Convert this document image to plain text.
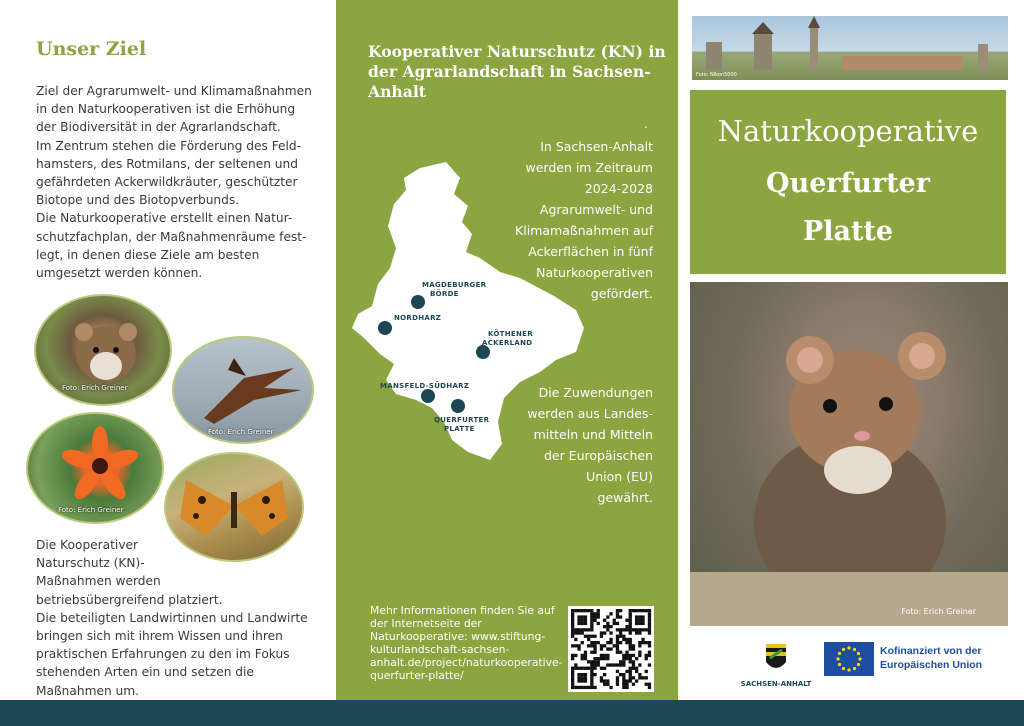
Unser Ziel

Ziel der Agrarumwelt- und Klimamaßnahmen
in den Naturkooperativen ist die Erhöhung
der Biodiversität in der Agrarlandschaft.
Im Zentrum stehen die Förderung des Feld-
hamsters, des Rotmilans, der seltenen und
gefährdeten Ackerwildkräuter, geschützter
Biotope und des Biotopverbunds.
Die Naturkooperative erstellt einen Natur-
schutzfachplan, der Maßnahmenräume fest-
legt, in denen diese Ziele am besten
umgesetzt werden können.

Foto: Erich Greiner
Foto: Erich Greiner
Foto: Erich Greiner

Die Kooperativer
Naturschutz (KN)-
Maßnahmen werden
betriebsübergreifend platziert.
Die beteiligten Landwirtinnen und Landwirte
bringen sich mit ihrem Wissen und ihren
praktischen Erfahrungen zu den im Fokus
stehenden Arten ein und setzen die
Maßnahmen um.

Kooperativer Naturschutz (KN) in der Agrarlandschaft in Sachsen-Anhalt
.

In Sachsen-Anhalt
werden im Zeitraum
2024-2028
Agrarumwelt- und
Klimamaßnahmen auf
Ackerflächen in fünf
Naturkooperativen
gefördert.

MAGDEBURGER
BÖRDE
NORDHARZ
KÖTHENER
ACKERLAND
MANSFELD-SÜDHARZ
QUERFURTER
PLATTE

Die Zuwendungen
werden aus Landes-
mitteln und Mitteln
der Europäischen
Union (EU)
gewährt.

Mehr Informationen finden Sie auf der Internetseite der Naturkooperative: www.stiftung-kulturlandschaft-sachsen-anhalt.de/project/naturkooperative-querfurter-platte/

Foto: Nikon5000
Naturkooperative
Querfurter
Platte
Foto: Erich Greiner
SACHSEN-ANHALT

Kofinanziert von der
Europäischen Union
